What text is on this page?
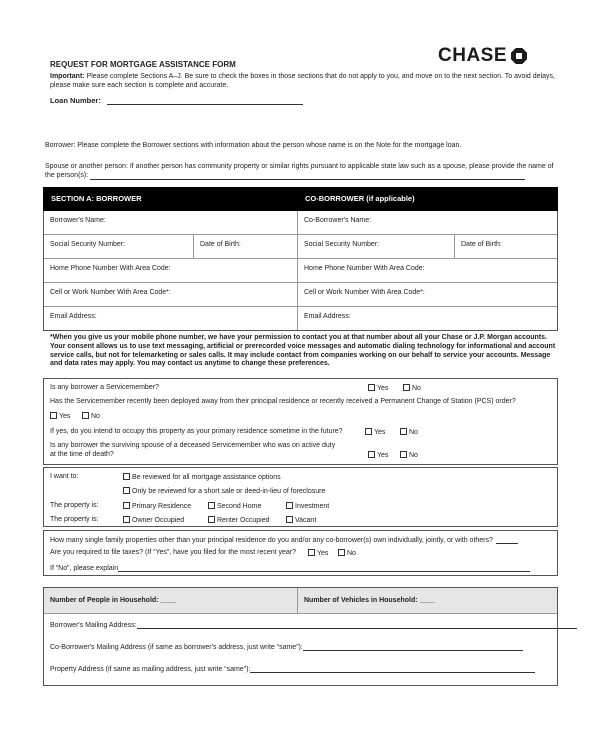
REQUEST FOR MORTGAGE ASSISTANCE FORM	CHASE
Important: Please complete Sections A–J. Be sure to check the boxes in those sections that do not apply to you, and move on to the next section. To avoid delays, please make sure each section is complete and accurate.
Loan Number:
Borrower: Please complete the Borrower sections with information about the person whose name is on the Note for the mortgage loan.
Spouse or another person: If another person has community property or similar rights pursuant to applicable state law such as a spouse, please provide the name of the person(s):
SECTION A: BORROWER	CO-BORROWER (if applicable)
Borrower's Name:	Co-Borrower's Name:
Social Security Number:	Date of Birth:	Social Security Number:	Date of Birth:
Home Phone Number With Area Code:	Home Phone Number With Area Code:
Cell or Work Number With Area Code*:	Cell or Work Number With Area Code*:
Email Address:	Email Address:
*When you give us your mobile phone number, we have your permission to contact you at that number about all your Chase or J.P. Morgan accounts. Your consent allows us to use text messaging, artificial or prerecorded voice messages and automatic dialing technology for informational and account service calls, but not for telemarketing or sales calls. It may include contact from companies working on our behalf to service your accounts. Message and data rates may apply. You may contact us anytime to change these preferences.
Is any borrower a Servicemember?	Yes	No
Has the Servicemember recently been deployed away from their principal residence or recently received a Permanent Change of Station (PCS) order?
Yes	No
If yes, do you intend to occupy this property as your primary residence sometime in the future?	Yes	No
Is any borrower the surviving spouse of a deceased Servicemember who was on active duty
at the time of death?	Yes	No
I want to:	Be reviewed for all mortgage assistance options
Only be reviewed for a short sale or deed-in-lieu of foreclosure
The property is:	Primary Residence	Second Home	Investment
The property is:	Owner Occupied	Renter Occupied	Vacant
How many single family properties other than your principal residence do you and/or any co-borrower(s) own individually, jointly, or with others?
Are you required to file taxes? (If “Yes”, have you filed for the most recent year?	Yes	No
If “No”, please explain
Number of People in Household: ____	Number of Vehicles in Household: ____
Borrower's Mailing Address:
Co-Borrower's Mailing Address (if same as borrower's address, just write “same”):
Property Address (if same as mailing address, just write “same”):
